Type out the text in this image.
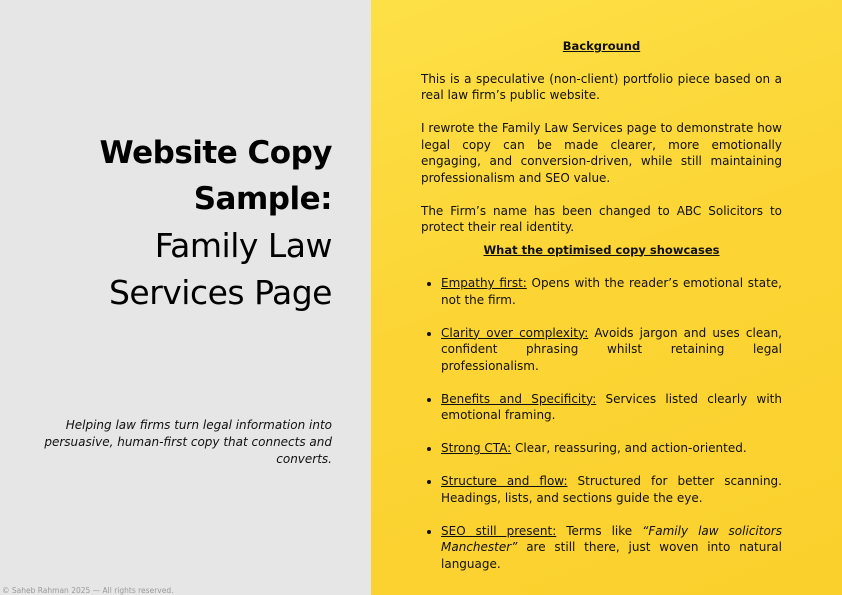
Website Copy
Sample:
Family Law
Services Page
Helping law firms turn legal information into persuasive, human-first copy that connects and converts.
© Saheb Rahman 2025 — All rights reserved.
Background

This is a speculative (non-client) portfolio piece based on a real law firm’s public website.

I rewrote the Family Law Services page to demonstrate how legal copy can be made clearer, more emotionally engaging, and conversion-driven, while still maintaining professionalism and SEO value.

The Firm’s name has been changed to ABC Solicitors to protect their real identity.

What the optimised copy showcases
• Empathy first: Opens with the reader’s emotional state, not the firm.
• Clarity over complexity: Avoids jargon and uses clean, confident phrasing whilst retaining legal professionalism.
• Benefits and Specificity: Services listed clearly with emotional framing.
• Strong CTA: Clear, reassuring, and action-oriented.
• Structure and flow: Structured for better scanning. Headings, lists, and sections guide the eye.
• SEO still present: Terms like “Family law solicitors Manchester” are still there, just woven into natural language.
